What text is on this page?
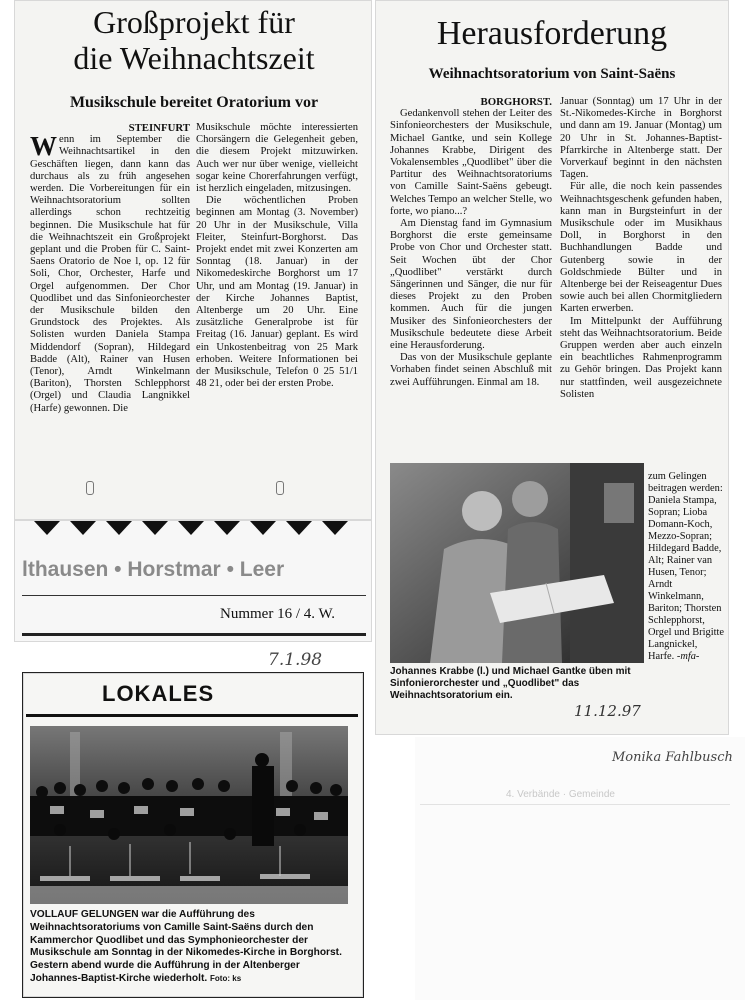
Großprojekt für
die Weihnachtszeit
Musikschule bereitet Oratorium vor
STEINFURT
W enn im September die Weihnachtsartikel in den Geschäften liegen, dann kann das durchaus als zu früh angesehen werden. Die Vorbereitungen für ein Weihnachtsoratorium sollten allerdings schon rechtzeitig beginnen. Die Musikschule hat für die Weihnachtszeit ein Großprojekt geplant und die Proben für C. Saint-Saens Oratorio de Noe l, op. 12 für Soli, Chor, Orchester, Harfe und Orgel aufgenommen. Der Chor Quodlibet und das Sinfonieorchester der Musikschule bilden den Grundstock des Projektes. Als Solisten wurden Daniela Stampa Middendorf (Sopran), Hildegard Badde (Alt), Rainer van Husen (Tenor), Arndt Winkelmann (Bariton), Thorsten Schlepphorst (Orgel) und Claudia Langnikkel (Harfe) gewonnen. Die

Musikschule möchte interessierten Chorsängern die Gelegenheit geben, die diesem Projekt mitzuwirken. Auch wer nur über wenige, vielleicht sogar keine Chorerfahrungen verfügt, ist herzlich eingeladen, mitzusingen.

Die wöchentlichen Proben beginnen am Montag (3. November) 20 Uhr in der Musikschule, Villa Fleiter, Steinfurt-Borghorst. Das Projekt endet mit zwei Konzerten am Sonntag (18. Januar) in der Nikomedeskirche Borghorst um 17 Uhr, und am Montag (19. Januar) in der Kirche Johannes Baptist, Altenberge um 20 Uhr. Eine zusätzliche Generalprobe ist für Freitag (16. Januar) geplant. Es wird ein Unkostenbeitrag von 25 Mark erhoben. Weitere Informationen bei der Musikschule, Telefon 0 25 51/1 48 21, oder bei der ersten Probe.

lthausen • Horstmar • Leer
Nummer 16 / 4. W.
7.1.98
LOKALES
VOLLAUF GELUNGEN war die Aufführung des Weihnachtsoratoriums von Camille Saint-Saëns durch den Kammerchor Quodlibet und das Symphonieorchester der Musikschule am Sonntag in der Nikomedes-Kirche in Borghorst. Gestern abend wurde die Aufführung in der Altenberger Johannes-Baptist-Kirche wiederholt. Foto: ks
Herausforderung
Weihnachtsoratorium von Saint-Saëns
BORGHORST.

Gedankenvoll stehen der Leiter des Sinfonieorchesters der Musikschule, Michael Gantke, und sein Kollege Johannes Krabbe, Dirigent des Vokalensembles „Quodlibet" über die Partitur des Weihnachtsoratoriums von Camille Saint-Saëns gebeugt. Welches Tempo an welcher Stelle, wo forte, wo piano...?

Am Dienstag fand im Gymnasium Borghorst die erste gemeinsame Probe von Chor und Orchester statt. Seit Wochen übt der Chor „Quodlibet" verstärkt durch Sängerinnen und Sänger, die nur für dieses Projekt zu den Proben kommen. Auch für die jungen Musiker des Sinfonieorchesters der Musikschule bedeutete diese Arbeit eine Herausforderung.

Das von der Musikschule geplante Vorhaben findet seinen Abschluß mit zwei Aufführungen. Einmal am 18.

Januar (Sonntag) um 17 Uhr in der St.-Nikomedes-Kirche in Borghorst und dann am 19. Januar (Montag) um 20 Uhr in St. Johannes-Baptist-Pfarrkirche in Altenberge statt. Der Vorverkauf beginnt in den nächsten Tagen.

Für alle, die noch kein passendes Weihnachtsgeschenk gefunden haben, kann man in Burgsteinfurt in der Musikschule oder im Musikhaus Doll, in Borghorst in den Buchhandlungen Badde und Gutenberg sowie in der Goldschmiede Bülter und in Altenberge bei der Reiseagentur Dues sowie auch bei allen Chormitgliedern Karten erwerben.

Im Mittelpunkt der Aufführung steht das Weihnachtsoratorium. Beide Gruppen werden aber auch einzeln ein beachtliches Rahmenprogramm zu Gehör bringen. Das Projekt kann nur stattfinden, weil ausgezeichnete Solisten

zum Gelingen beitragen werden: Daniela Stampa, Sopran; Lioba Domann-Koch, Mezzo-Sopran; Hildegard Badde, Alt; Rainer van Husen, Tenor; Arndt Winkelmann, Bariton; Thorsten Schlepphorst, Orgel und Brigitte Langnickel, Harfe. -mfa-
Johannes Krabbe (l.) und Michael Gantke üben mit Sinfonierorchester und „Quodlibet" das Weihnachtsoratorium ein.
11.12.97
Monika Fahlbusch
4. Verbände · Gemeinde
